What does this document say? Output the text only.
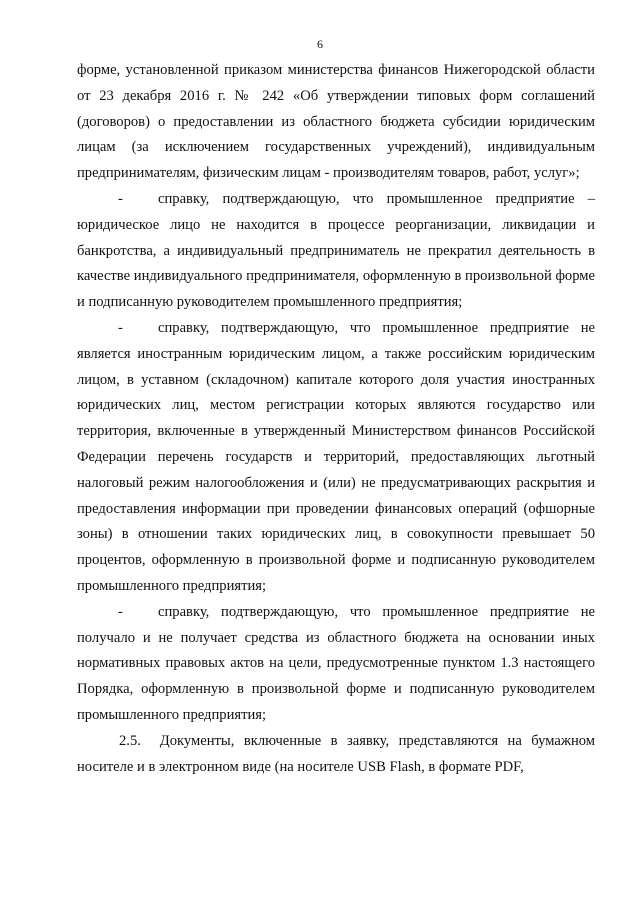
6

форме, установленной приказом министерства финансов Нижегородской области от 23 декабря 2016 г. № 242 «Об утверждении типовых форм соглашений (договоров) о предоставлении из областного бюджета субсидии юридическим лицам (за исключением государственных учреждений), индивидуальным предпринимателям, физическим лицам - производителям товаров, работ, услуг»;

- справку, подтверждающую, что промышленное предприятие – юридическое лицо не находится в процессе реорганизации, ликвидации и банкротства, а индивидуальный предприниматель не прекратил деятельность в качестве индивидуального предпринимателя, оформленную в произвольной форме и подписанную руководителем промышленного предприятия;

- справку, подтверждающую, что промышленное предприятие не является иностранным юридическим лицом, а также российским юридическим лицом, в уставном (складочном) капитале которого доля участия иностранных юридических лиц, местом регистрации которых являются государство или территория, включенные в утвержденный Министерством финансов Российской Федерации перечень государств и территорий, предоставляющих льготный налоговый режим налогообложения и (или) не предусматривающих раскрытия и предоставления информации при проведении финансовых операций (офшорные зоны) в отношении таких юридических лиц, в совокупности превышает 50 процентов, оформленную в произвольной форме и подписанную руководителем промышленного предприятия;

- справку, подтверждающую, что промышленное предприятие не получало и не получает средства из областного бюджета на основании иных нормативных правовых актов на цели, предусмотренные пунктом 1.3 настоящего Порядка, оформленную в произвольной форме и подписанную руководителем промышленного предприятия;

2.5. Документы, включенные в заявку, представляются на бумажном носителе и в электронном виде (на носителе USB Flash, в формате PDF,
